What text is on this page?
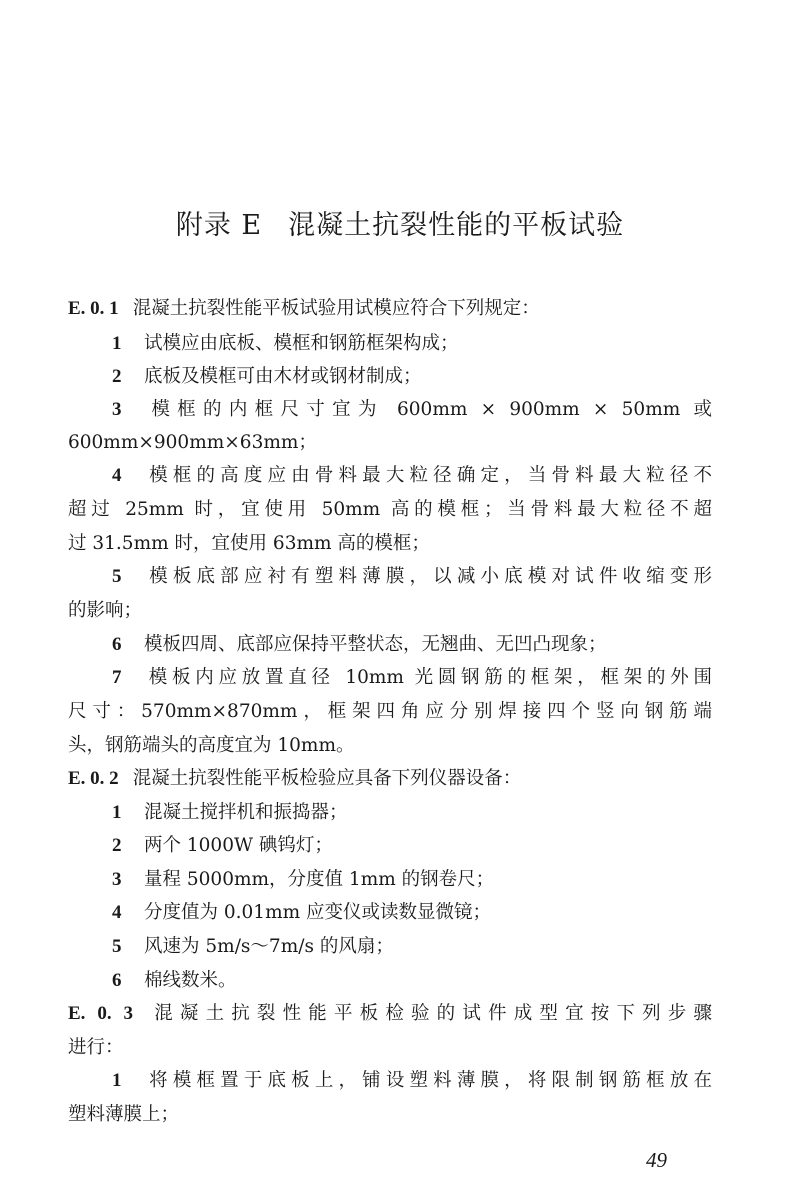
附录 E 混凝土抗裂性能的平板试验
E. 0. 1 混凝土抗裂性能平板试验用试模应符合下列规定：
1 试模应由底板、模框和钢筋框架构成；
2 底板及模框可由木材或钢材制成；
3 模框的内框尺寸宜为 600mm × 900mm × 50mm 或
600mm×900mm×63mm；
4 模框的高度应由骨料最大粒径确定，当骨料最大粒径不
超过 25mm 时，宜使用 50mm 高的模框；当骨料最大粒径不超
过 31.5mm 时，宜使用 63mm 高的模框；
5 模板底部应衬有塑料薄膜，以减小底模对试件收缩变形
的影响；
6 模板四周、底部应保持平整状态，无翘曲、无凹凸现象；
7 模板内应放置直径 10mm 光圆钢筋的框架，框架的外围
尺寸：570mm×870mm，框架四角应分别焊接四个竖向钢筋端
头，钢筋端头的高度宜为 10mm。
E. 0. 2 混凝土抗裂性能平板检验应具备下列仪器设备：
1 混凝土搅拌机和振捣器；
2 两个 1000W 碘钨灯；
3 量程 5000mm，分度值 1mm 的钢卷尺；
4 分度值为 0.01mm 应变仪或读数显微镜；
5 风速为 5m/s～7m/s 的风扇；
6 棉线数米。
E. 0. 3 混凝土抗裂性能平板检验的试件成型宜按下列步骤
进行：
1 将模框置于底板上，铺设塑料薄膜，将限制钢筋框放在
塑料薄膜上；
49
